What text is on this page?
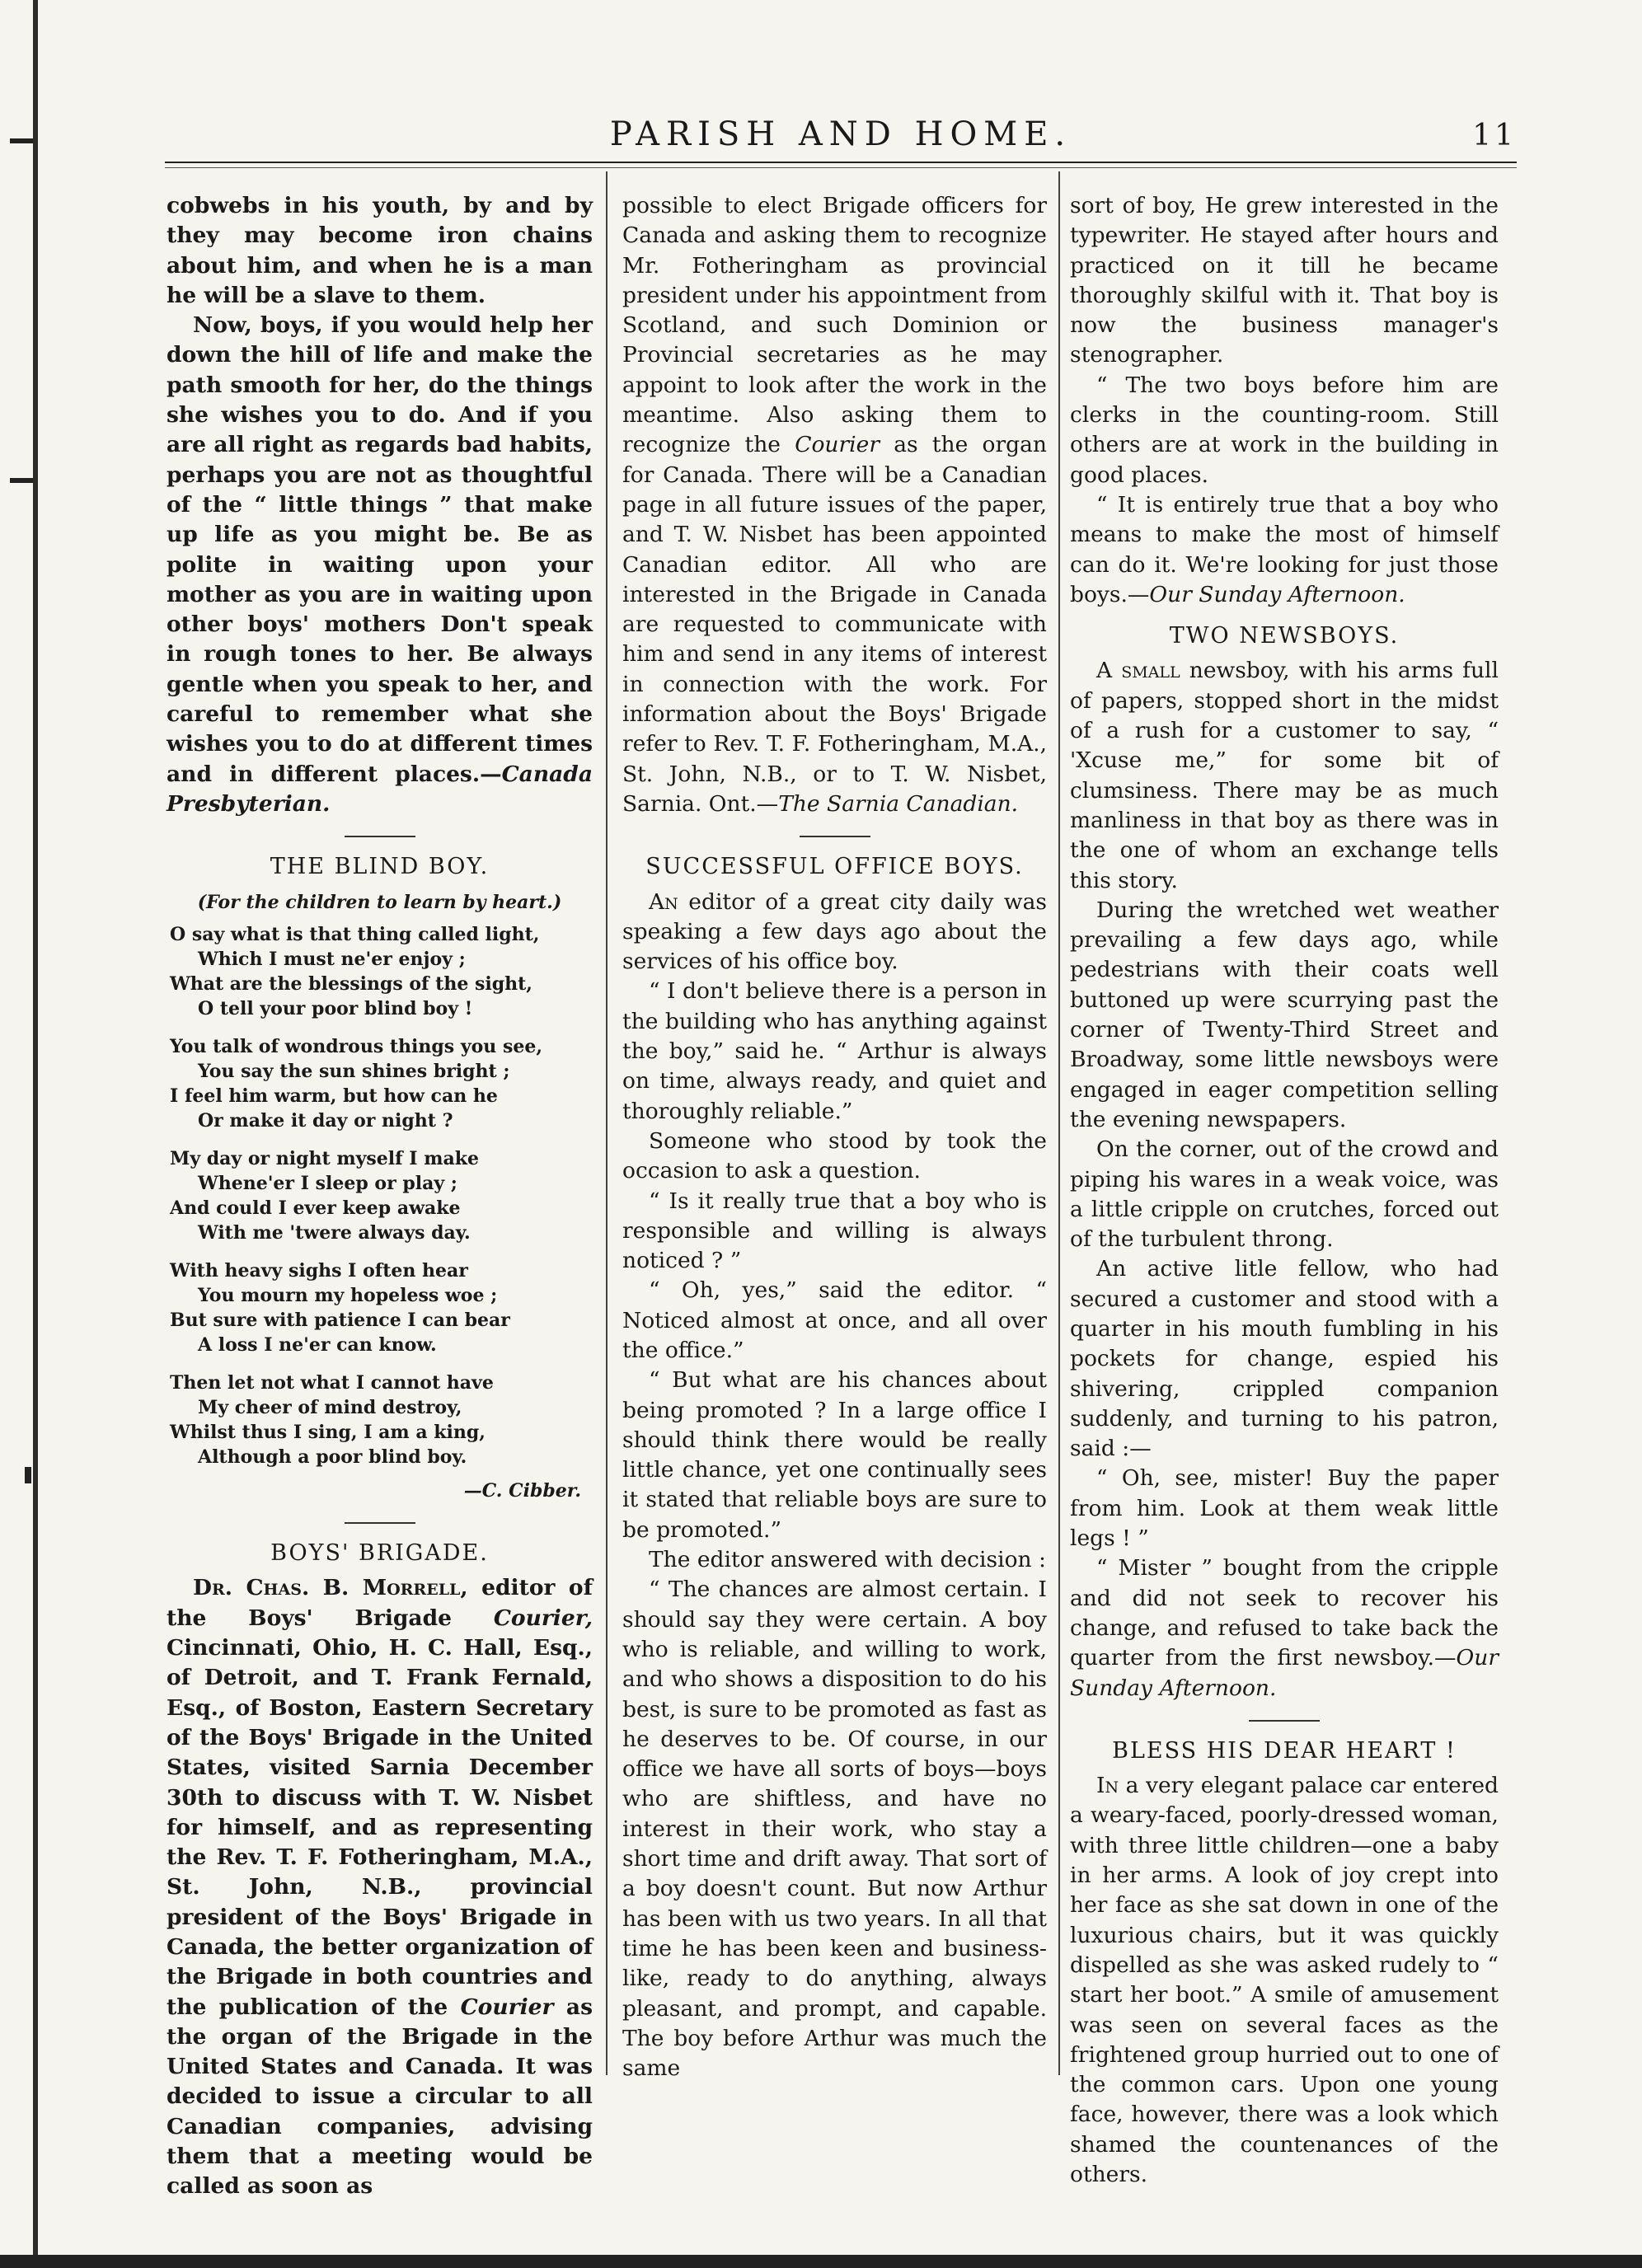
PARISH AND HOME.	11

cobwebs in his youth, by and by they may become iron chains about him, and when he is a man he will be a slave to them.

Now, boys, if you would help her down the hill of life and make the path smooth for her, do the things she wishes you to do. And if you are all right as regards bad habits, perhaps you are not as thoughtful of the “ little things ” that make up life as you might be. Be as polite in waiting upon your mother as you are in waiting upon other boys' mothers Don't speak in rough tones to her. Be always gentle when you speak to her, and careful to remember what she wishes you to do at different times and in different places.—Canada Presbyterian.

THE BLIND BOY.
(For the children to learn by heart.)
O say what is that thing called light,
Which I must ne'er enjoy ;
What are the blessings of the sight,
O tell your poor blind boy !
You talk of wondrous things you see,
You say the sun shines bright ;
I feel him warm, but how can he
Or make it day or night ?
My day or night myself I make
Whene'er I sleep or play ;
And could I ever keep awake
With me 'twere always day.
With heavy sighs I often hear
You mourn my hopeless woe ;
But sure with patience I can bear
A loss I ne'er can know.
Then let not what I cannot have
My cheer of mind destroy,
Whilst thus I sing, I am a king,
Although a poor blind boy.
—C. Cibber.
BOYS' BRIGADE.

Dr. Chas. B. Morrell, editor of the Boys' Brigade Courier, Cincinnati, Ohio, H. C. Hall, Esq., of Detroit, and T. Frank Fernald, Esq., of Boston, Eastern Secretary of the Boys' Brigade in the United States, visited Sarnia December 30th to discuss with T. W. Nisbet for himself, and as representing the Rev. T. F. Fotheringham, M.A., St. John, N.B., provincial president of the Boys' Brigade in Canada, the better organization of the Brigade in both countries and the publication of the Courier as the organ of the Brigade in the United States and Canada. It was decided to issue a circular to all Canadian companies, advising them that a meeting would be called as soon as

possible to elect Brigade officers for Canada and asking them to recognize Mr. Fotheringham as provincial president under his appointment from Scotland, and such Dominion or Provincial secretaries as he may appoint to look after the work in the meantime. Also asking them to recognize the Courier as the organ for Canada. There will be a Canadian page in all future issues of the paper, and T. W. Nisbet has been appointed Canadian editor. All who are interested in the Brigade in Canada are requested to communicate with him and send in any items of interest in connection with the work. For information about the Boys' Brigade refer to Rev. T. F. Fotheringham, M.A., St. John, N.B., or to T. W. Nisbet, Sarnia. Ont.—The Sarnia Canadian.

SUCCESSFUL OFFICE BOYS.

An editor of a great city daily was speaking a few days ago about the services of his office boy.

“ I don't believe there is a person in the building who has anything against the boy,” said he. “ Arthur is always on time, always ready, and quiet and thoroughly reliable.”

Someone who stood by took the occasion to ask a question.

“ Is it really true that a boy who is responsible and willing is always noticed ? ”

“ Oh, yes,” said the editor. “ Noticed almost at once, and all over the office.”

“ But what are his chances about being promoted ? In a large office I should think there would be really little chance, yet one continually sees it stated that reliable boys are sure to be promoted.”

The editor answered with decision :

“ The chances are almost certain. I should say they were certain. A boy who is reliable, and willing to work, and who shows a disposition to do his best, is sure to be promoted as fast as he deserves to be. Of course, in our office we have all sorts of boys—boys who are shiftless, and have no interest in their work, who stay a short time and drift away. That sort of a boy doesn't count. But now Arthur has been with us two years. In all that time he has been keen and business-like, ready to do anything, always pleasant, and prompt, and capable. The boy before Arthur was much the same

sort of boy, He grew interested in the typewriter. He stayed after hours and practiced on it till he became thoroughly skilful with it. That boy is now the business manager's stenographer.

“ The two boys before him are clerks in the counting-room. Still others are at work in the building in good places.

“ It is entirely true that a boy who means to make the most of himself can do it. We're looking for just those boys.—Our Sunday Afternoon.

TWO NEWSBOYS.

A small newsboy, with his arms full of papers, stopped short in the midst of a rush for a customer to say, “ 'Xcuse me,” for some bit of clumsiness. There may be as much manliness in that boy as there was in the one of whom an exchange tells this story.

During the wretched wet weather prevailing a few days ago, while pedestrians with their coats well buttoned up were scurrying past the corner of Twenty-Third Street and Broadway, some little newsboys were engaged in eager competition selling the evening newspapers.

On the corner, out of the crowd and piping his wares in a weak voice, was a little cripple on crutches, forced out of the turbulent throng.

An active litle fellow, who had secured a customer and stood with a quarter in his mouth fumbling in his pockets for change, espied his shivering, crippled companion suddenly, and turning to his patron, said :—

“ Oh, see, mister! Buy the paper from him. Look at them weak little legs ! ”

“ Mister ” bought from the cripple and did not seek to recover his change, and refused to take back the quarter from the first newsboy.—Our Sunday Afternoon.

BLESS HIS DEAR HEART !

In a very elegant palace car entered a weary-faced, poorly-dressed woman, with three little children—one a baby in her arms. A look of joy crept into her face as she sat down in one of the luxurious chairs, but it was quickly dispelled as she was asked rudely to “ start her boot.” A smile of amusement was seen on several faces as the frightened group hurried out to one of the common cars. Upon one young face, however, there was a look which shamed the countenances of the others.
